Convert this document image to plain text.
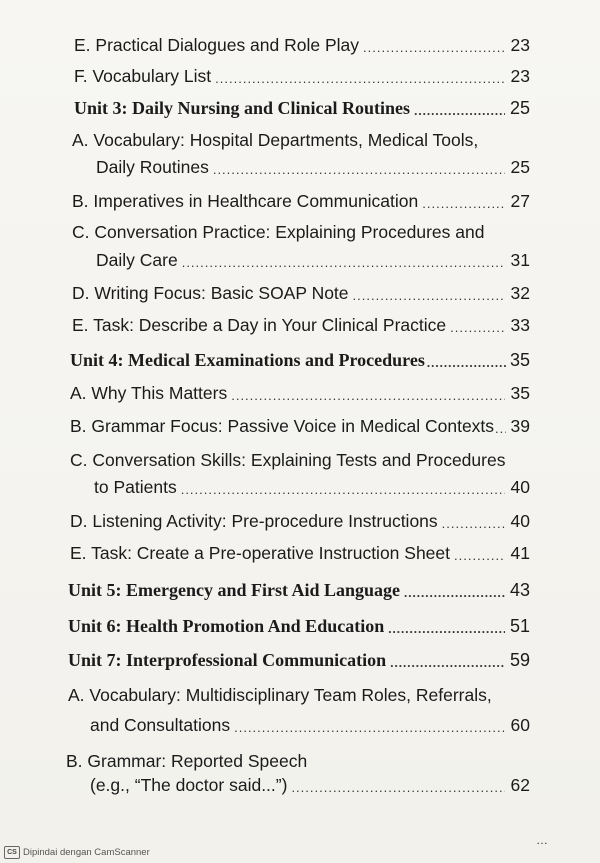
E. Practical Dialogues and Role Play .....	23
F. Vocabulary List .....	23
Unit 3: Daily Nursing and Clinical Routines .....	25
A. Vocabulary: Hospital Departments, Medical Tools,
Daily Routines .....	25
B. Imperatives in Healthcare Communication .....	27
C. Conversation Practice: Explaining Procedures and
Daily Care .....	31
D. Writing Focus: Basic SOAP Note .....	32
E. Task: Describe a Day in Your Clinical Practice .....	33
Unit 4: Medical Examinations and Procedures .....	35
A. Why This Matters .....	35
B. Grammar Focus: Passive Voice in Medical Contexts ..... 39
C. Conversation Skills: Explaining Tests and Procedures
to Patients .....	40
D. Listening Activity: Pre-procedure Instructions .....	40
E. Task: Create a Pre-operative Instruction Sheet .....	41
Unit 5: Emergency and First Aid Language .....	43
Unit 6: Health Promotion And Education .....	51
Unit 7: Interprofessional Communication .....	59
A. Vocabulary: Multidisciplinary Team Roles, Referrals,
and Consultations .....	60
B. Grammar: Reported Speech
(e.g., “The doctor said...”) .....	62
…
CS Dipindai dengan CamScanner
